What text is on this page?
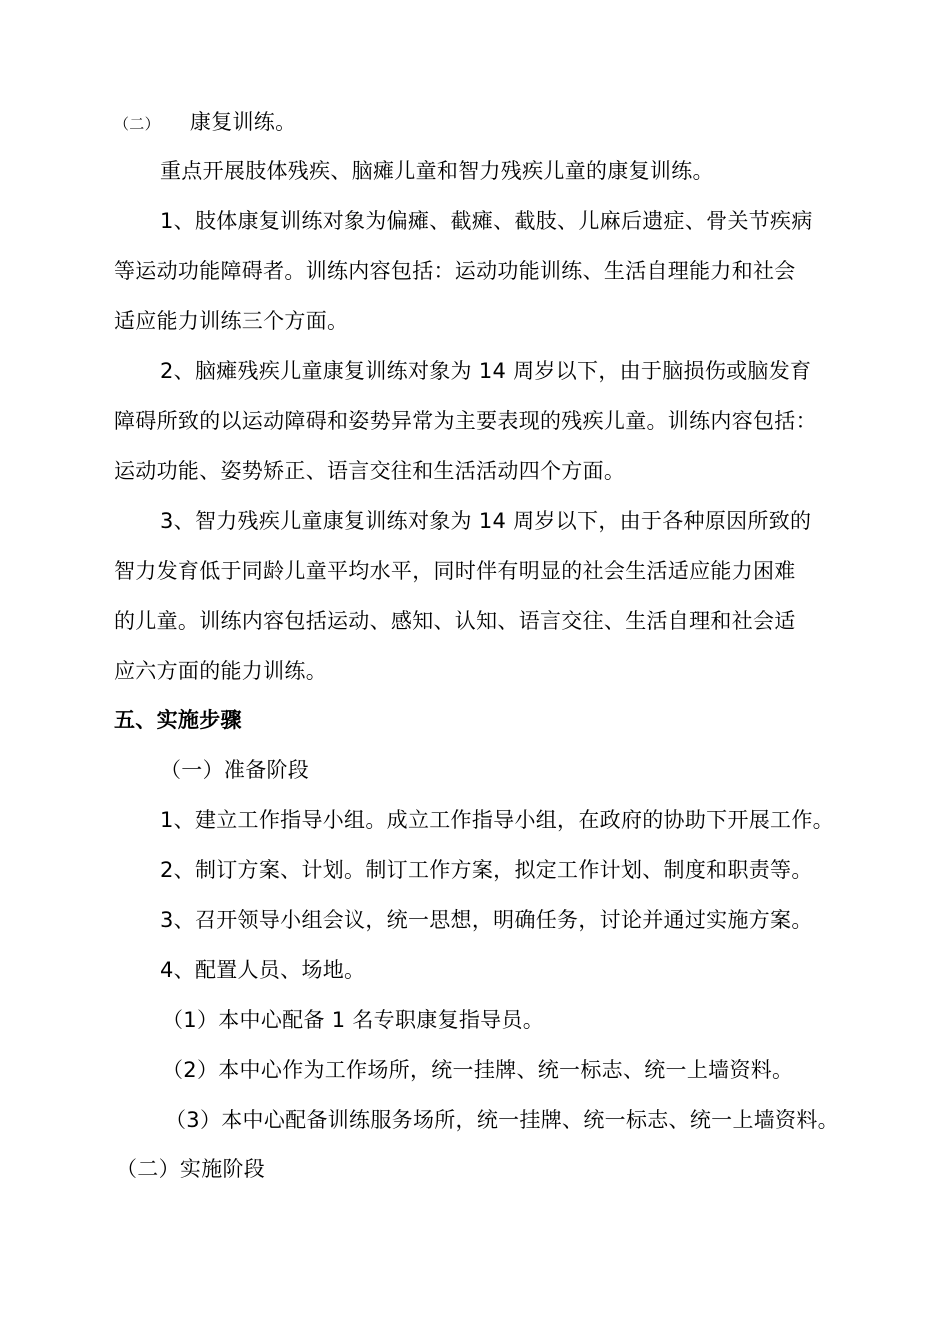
（二） 康复训练。
重点开展肢体残疾、脑瘫儿童和智力残疾儿童的康复训练。
1、肢体康复训练对象为偏瘫、截瘫、截肢、儿麻后遗症、骨关节疾病
等运动功能障碍者。训练内容包括：运动功能训练、生活自理能力和社会
适应能力训练三个方面。
2、脑瘫残疾儿童康复训练对象为 14 周岁以下，由于脑损伤或脑发育
障碍所致的以运动障碍和姿势异常为主要表现的残疾儿童。训练内容包括：
运动功能、姿势矫正、语言交往和生活活动四个方面。
3、智力残疾儿童康复训练对象为 14 周岁以下，由于各种原因所致的
智力发育低于同龄儿童平均水平，同时伴有明显的社会生活适应能力困难
的儿童。训练内容包括运动、感知、认知、语言交往、生活自理和社会适
应六方面的能力训练。
五、实施步骤
（一）准备阶段
1、建立工作指导小组。成立工作指导小组，在政府的协助下开展工作。
2、制订方案、计划。制订工作方案，拟定工作计划、制度和职责等。
3、召开领导小组会议，统一思想，明确任务，讨论并通过实施方案。
4、配置人员、场地。
（1）本中心配备 1 名专职康复指导员。
（2）本中心作为工作场所，统一挂牌、统一标志、统一上墙资料。
（3）本中心配备训练服务场所，统一挂牌、统一标志、统一上墙资料。
（二）实施阶段
